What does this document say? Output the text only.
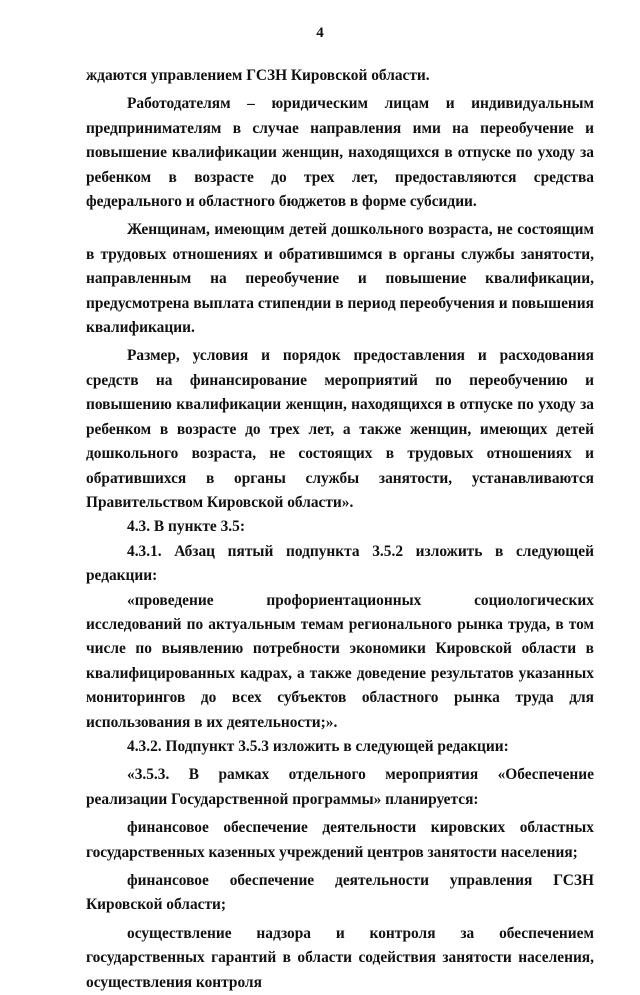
4

ждаются управлением ГСЗН Кировской области.

Работодателям – юридическим лицам и индивидуальным предпринимателям в случае направления ими на переобучение и повышение квалификации женщин, находящихся в отпуске по уходу за ребенком в возрасте до трех лет, предоставляются средства федерального и областного бюджетов в форме субсидии.

Женщинам, имеющим детей дошкольного возраста, не состоящим в трудовых отношениях и обратившимся в органы службы занятости, направленным на переобучение и повышение квалификации, предусмотрена выплата стипендии в период переобучения и повышения квалификации.

Размер, условия и порядок предоставления и расходования средств на финансирование мероприятий по переобучению и повышению квалификации женщин, находящихся в отпуске по уходу за ребенком в возрасте до трех лет, а также женщин, имеющих детей дошкольного возраста, не состоящих в трудовых отношениях и обратившихся в органы службы занятости, устанавливаются Правительством Кировской области».

4.3. В пункте 3.5:

4.3.1. Абзац пятый подпункта 3.5.2 изложить в следующей редакции:

«проведение профориентационных социологических исследований по актуальным темам регионального рынка труда, в том числе по выявлению потребности экономики Кировской области в квалифицированных кадрах, а также доведение результатов указанных мониторингов до всех субъектов областного рынка труда для использования в их деятельности;».

4.3.2. Подпункт 3.5.3 изложить в следующей редакции:

«3.5.3. В рамках отдельного мероприятия «Обеспечение реализации Государственной программы» планируется:

финансовое обеспечение деятельности кировских областных государственных казенных учреждений центров занятости населения;

финансовое обеспечение деятельности управления ГСЗН Кировской области;

осуществление надзора и контроля за обеспечением государственных гарантий в области содействия занятости населения, осуществления контроля
